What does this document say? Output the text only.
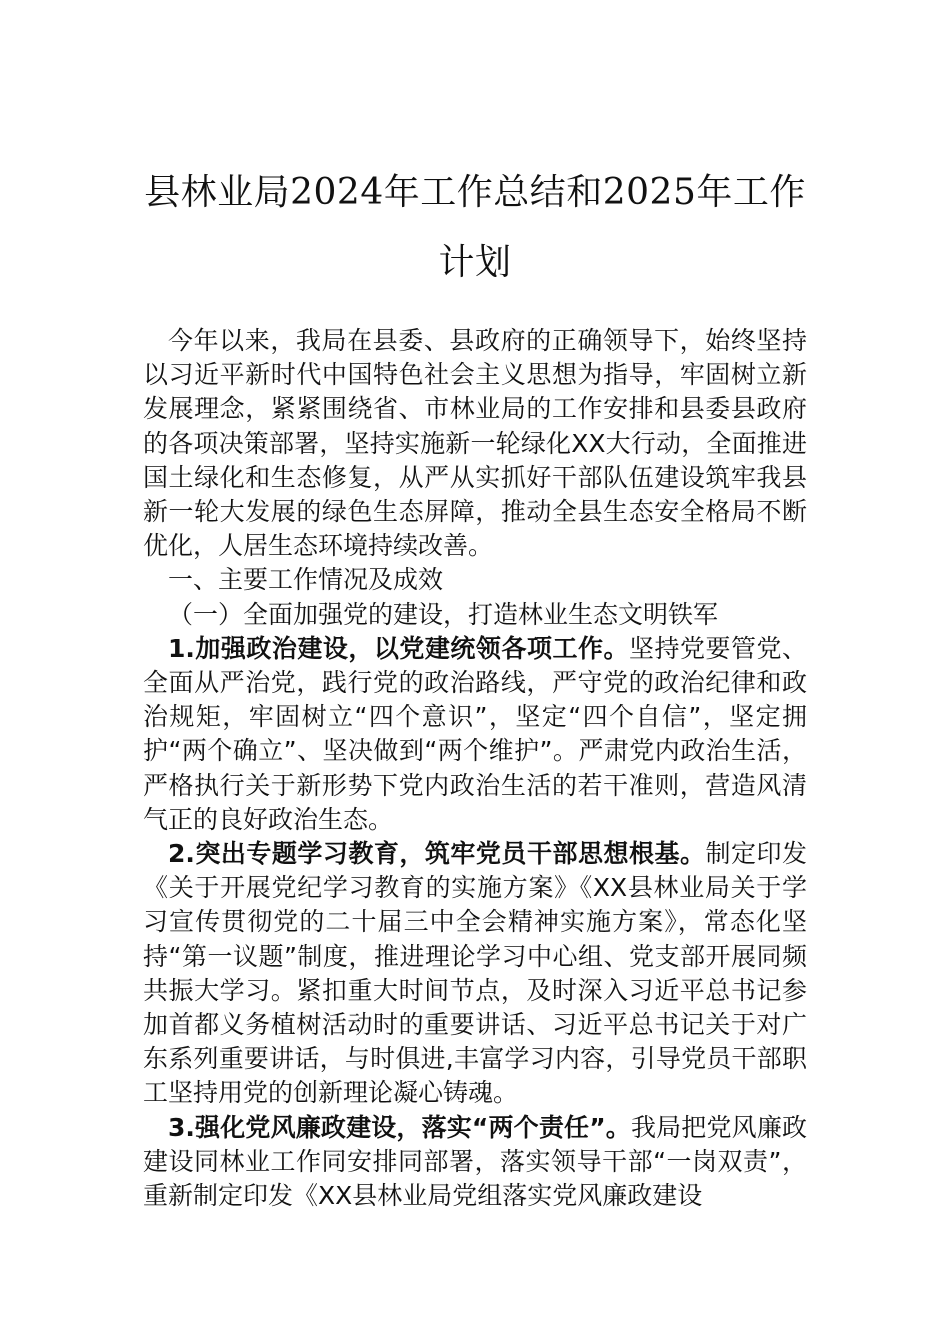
县林业局2024年工作总结和2025年工作计划

今年以来，我局在县委、县政府的正确领导下，始终坚持以习近平新时代中国特色社会主义思想为指导，牢固树立新发展理念，紧紧围绕省、市林业局的工作安排和县委县政府的各项决策部署，坚持实施新一轮绿化XX大行动，全面推进国土绿化和生态修复，从严从实抓好干部队伍建设筑牢我县新一轮大发展的绿色生态屏障，推动全县生态安全格局不断优化，人居生态环境持续改善。

一、主要工作情况及成效

（一）全面加强党的建设，打造林业生态文明铁军

1.加强政治建设，以党建统领各项工作。坚持党要管党、全面从严治党，践行党的政治路线，严守党的政治纪律和政治规矩，牢固树立“四个意识”，坚定“四个自信”，坚定拥护“两个确立”、坚决做到“两个维护”。严肃党内政治生活，严格执行关于新形势下党内政治生活的若干准则，营造风清气正的良好政治生态。

2.突出专题学习教育，筑牢党员干部思想根基。制定印发《关于开展党纪学习教育的实施方案》《XX县林业局关于学习宣传贯彻党的二十届三中全会精神实施方案》，常态化坚持“第一议题”制度，推进理论学习中心组、党支部开展同频共振大学习。紧扣重大时间节点，及时深入习近平总书记参加首都义务植树活动时的重要讲话、习近平总书记关于对广东系列重要讲话，与时俱进,丰富学习内容，引导党员干部职工坚持用党的创新理论凝心铸魂。

3.强化党风廉政建设，落实“两个责任”。我局把党风廉政建设同林业工作同安排同部署，落实领导干部“一岗双责”，重新制定印发《XX县林业局党组落实党风廉政建设
